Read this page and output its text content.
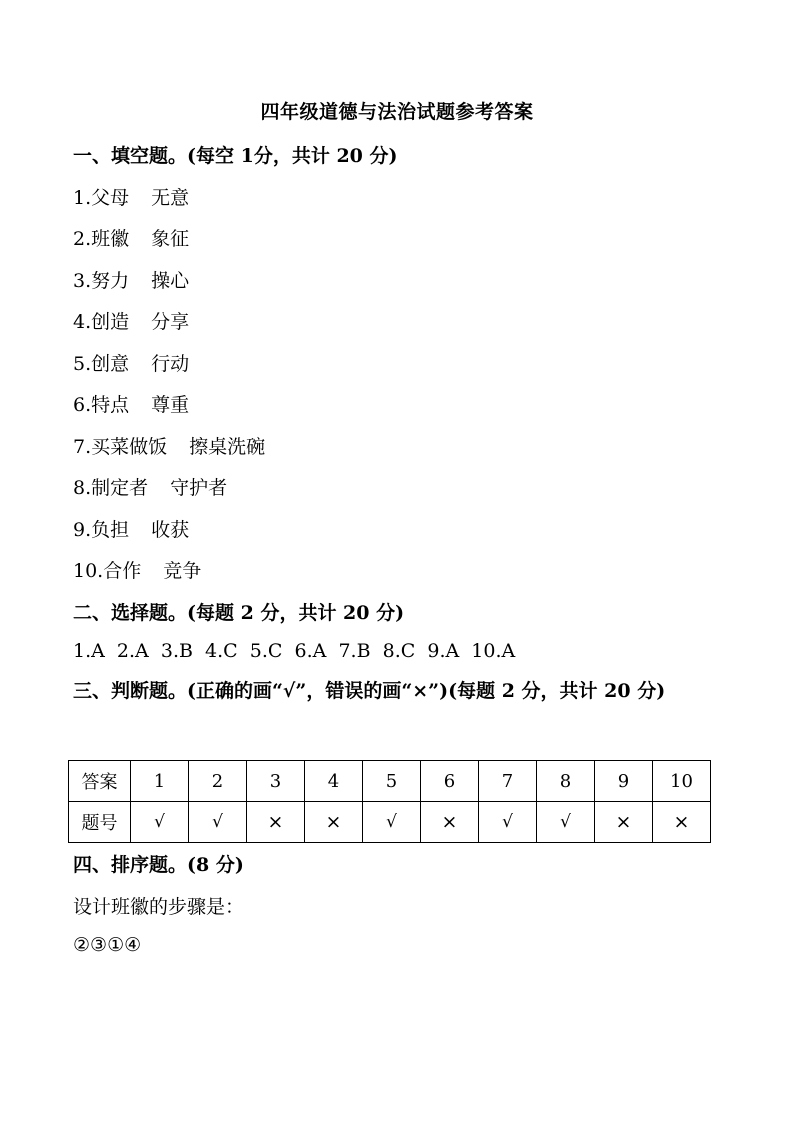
四年级道德与法治试题参考答案
一、填空题。(每空 1分，共计 20 分)
1.父母 无意
2.班徽 象征
3.努力 操心
4.创造 分享
5.创意 行动
6.特点 尊重
7.买菜做饭 擦桌洗碗
8.制定者 守护者
9.负担 收获
10.合作 竞争
二、选择题。(每题 2 分，共计 20 分)
1.A  2.A  3.B  4.C  5.C  6.A  7.B  8.C  9.A  10.A
三、判断题。(正确的画“√”，错误的画“×”)(每题 2 分，共计 20 分)
答案	1	2	3	4	5	6	7	8	9	10
题号	√	√	×	×	√	×	√	√	×	×
四、排序题。(8 分)
设计班徽的步骤是：
②③①④
